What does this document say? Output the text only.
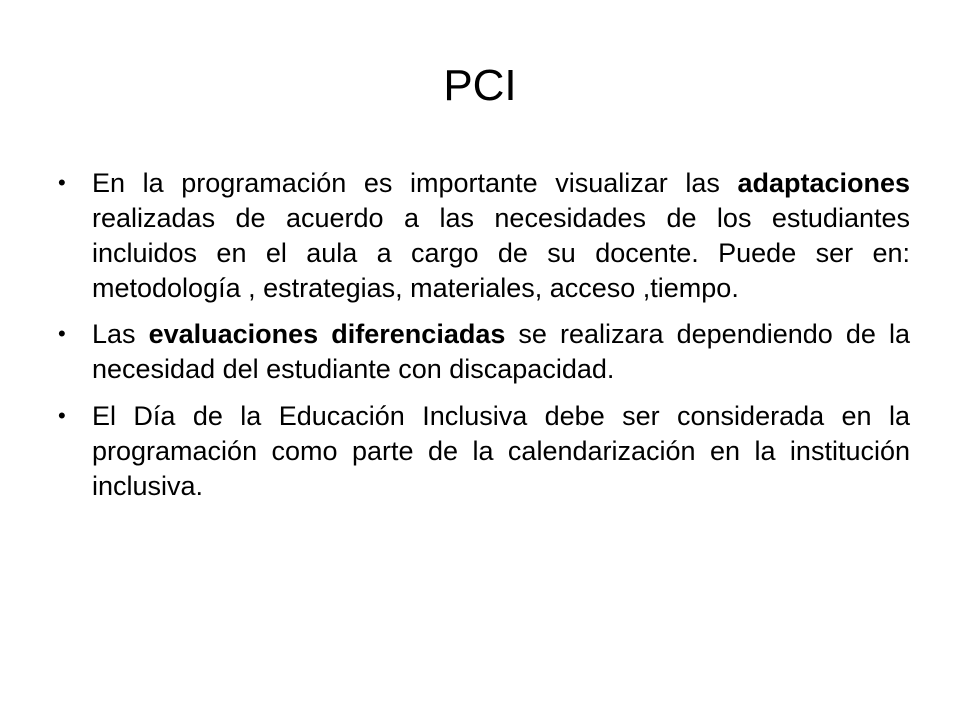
PCI
• En la programación es importante visualizar las adaptaciones realizadas de acuerdo a las necesidades de los estudiantes incluidos en el aula a cargo de su docente. Puede ser en: metodología , estrategias, materiales, acceso ,tiempo.
• Las evaluaciones diferenciadas se realizara dependiendo de la necesidad del estudiante con discapacidad.
• El Día de la Educación Inclusiva debe ser considerada en la programación como parte de la calendarización en la institución inclusiva.
